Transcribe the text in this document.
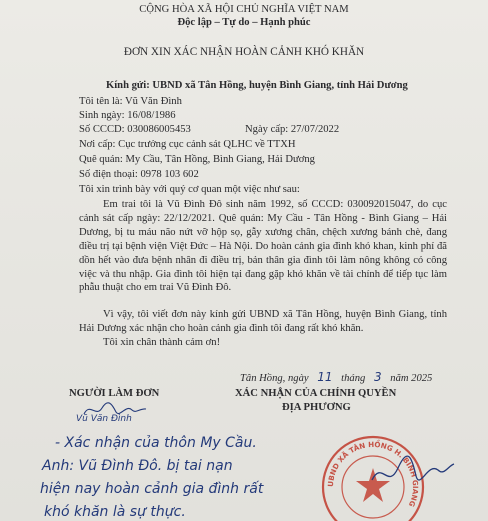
CỘNG HÒA XÃ HỘI CHỦ NGHĨA VIỆT NAM
Độc lập – Tự do – Hạnh phúc
ĐƠN XIN XÁC NHẬN HOÀN CẢNH KHÓ KHĂN
Kính gửi: UBND xã Tân Hồng, huyện Bình Giang, tỉnh Hải Dương
Tôi tên là: Vũ Văn Đình
Sinh ngày: 16/08/1986
Số CCCD: 030086005453	Ngày cấp: 27/07/2022
Nơi cấp: Cục trưởng cục cảnh sát QLHC về TTXH
Quê quán: My Cầu, Tân Hồng, Bình Giang, Hải Dương
Số điện thoại: 0978 103 602
Tôi xin trình bày với quý cơ quan một việc như sau:
Em trai tôi là Vũ Đình Đô sinh năm 1992, số CCCD: 030092015047, do cục cảnh sát cấp ngày: 22/12/2021. Quê quán: My Cầu - Tân Hồng - Bình Giang – Hải Dương, bị tu máu não nứt vỡ hộp sọ, gẫy xương chân, chệch xương bánh chè, đang điều trị tại bệnh viện Việt Đức – Hà Nội. Do hoàn cảnh gia đình khó khan, kinh phí đã dồn hết vào đưa bệnh nhân đi điều trị, bản thân gia đình tôi làm nông không có công việc và thu nhập. Gia đình tôi hiện tại đang gặp khó khăn về tài chính để tiếp tục làm phẫu thuật cho em trai Vũ Đình Đô.
Vì vậy, tôi viết đơn này kính gửi UBND xã Tân Hồng, huyện Bình Giang, tỉnh Hải Dương xác nhận cho hoàn cảnh gia đình tôi đang rất khó khăn.
Tôi xin chân thành cảm ơn!
Tân Hồng, ngày 11 tháng 3 năm 2025
NGƯỜI LÀM ĐƠN	XÁC NHẬN CỦA CHÍNH QUYỀN
ĐỊA PHƯƠNG
Vũ Văn Đình
- Xác nhận của thôn My Cầu.
Anh: Vũ Đình Đô. bị tai nạn
hiện nay hoàn cảnh gia đình rất
khó khăn là sự thực.
UBND XÃ TÂN HỒNG H. BÌNH GIANG
